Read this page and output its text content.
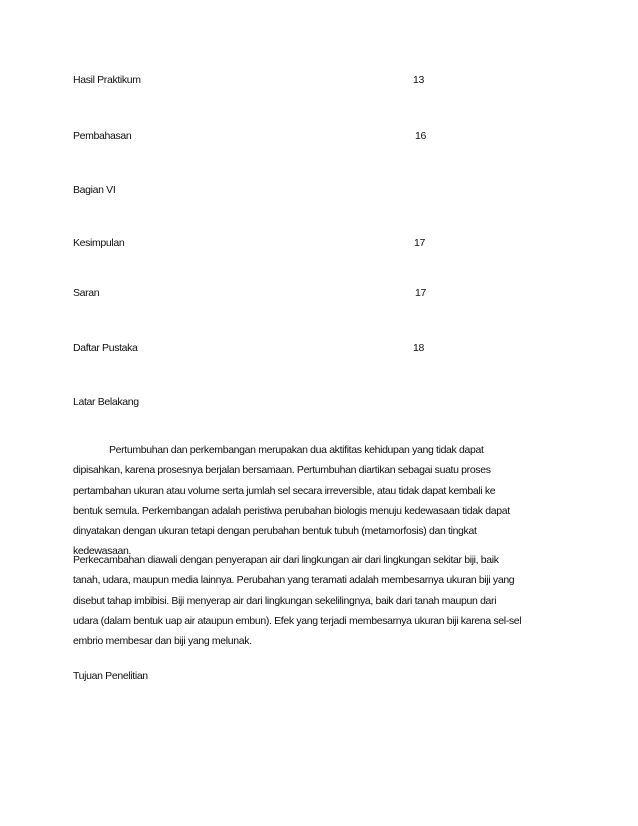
Hasil Praktikum	13
Pembahasan	16
Bagian VI
Kesimpulan	17
Saran	17
Daftar Pustaka	18
Latar Belakang
Pertumbuhan dan perkembangan merupakan dua aktifitas kehidupan yang tidak dapat
dipisahkan, karena prosesnya berjalan bersamaan. Pertumbuhan diartikan sebagai suatu proses
pertambahan ukuran atau volume serta jumlah sel secara irreversible, atau tidak dapat kembali ke
bentuk semula. Perkembangan adalah peristiwa perubahan biologis menuju kedewasaan tidak dapat
dinyatakan dengan ukuran tetapi dengan perubahan bentuk tubuh (metamorfosis) dan tingkat
kedewasaan.
Perkecambahan diawali dengan penyerapan air dari lingkungan air dari lingkungan sekitar biji, baik
tanah, udara, maupun media lainnya. Perubahan yang teramati adalah membesarnya ukuran biji yang
disebut tahap imbibisi. Biji menyerap air dari lingkungan sekelilingnya, baik dari tanah maupun dari
udara (dalam bentuk uap air ataupun embun). Efek yang terjadi membesarnya ukuran biji karena sel-sel
embrio membesar dan biji yang melunak.
Tujuan Penelitian
